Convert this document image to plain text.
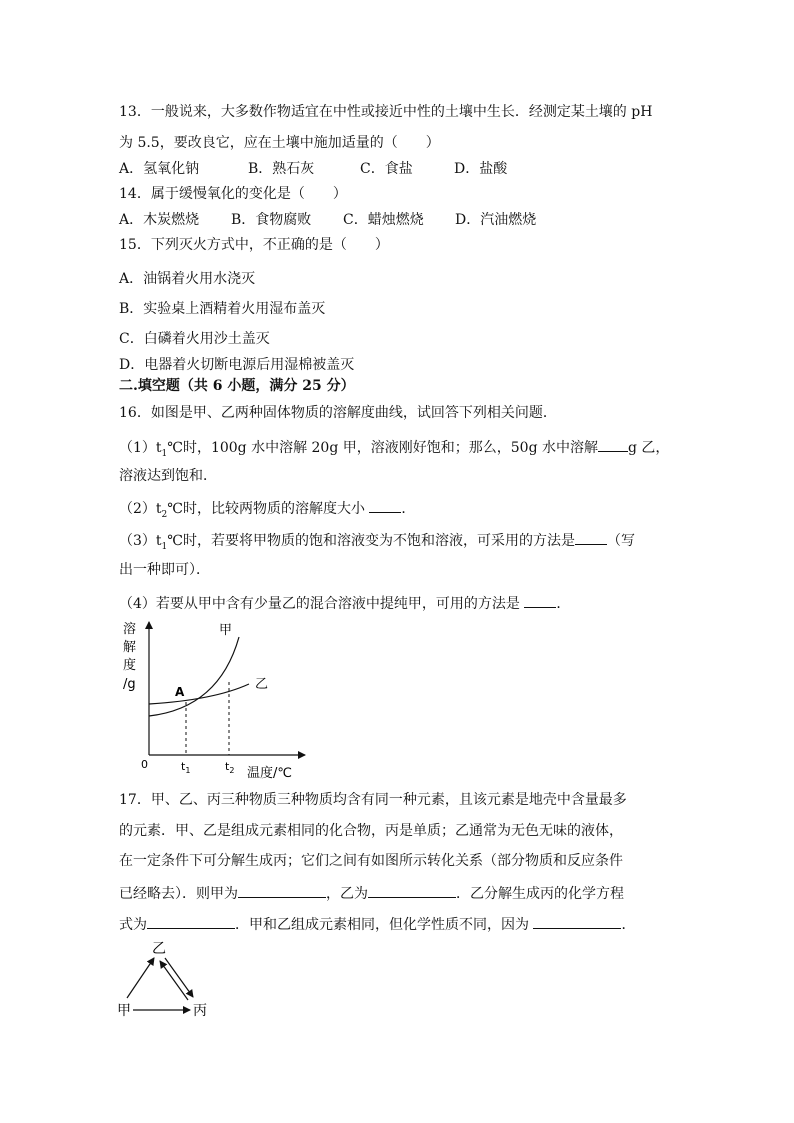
13．一般说来，大多数作物适宜在中性或接近中性的土壤中生长．经测定某土壤的 pH
为 5.5，要改良它，应在土壤中施加适量的（　　）
A．氢氧化钠	B．熟石灰	C．食盐	D．盐酸
14．属于缓慢氧化的变化是（　　）
A．木炭燃烧 B．食物腐败 C．蜡烛燃烧 D．汽油燃烧
15．下列灭火方式中，不正确的是（　　）
A．油锅着火用水浇灭
B．实验桌上酒精着火用湿布盖灭
C．白磷着火用沙土盖灭
D．电器着火切断电源后用湿棉被盖灭
二.填空题（共 6 小题，满分 25 分）
16．如图是甲、乙两种固体物质的溶解度曲线，试回答下列相关问题．
$(1)t_1℃$时，100g 水中溶解 20g 甲，溶液刚好饱和；那么，50g 水中溶解 g 乙，
溶液达到饱和．
$(2)t_2℃$时，比较两物质的溶解度大小	．
$(3)t_1℃$时，若要将甲物质的饱和溶液变为不饱和溶液，可采用的方法是 （写
出一种即可）．
（4）若要从甲中含有少量乙的混合溶液中提纯甲，可用的方法是	．
溶
解
度
/g
甲
乙
A
0	$t_1$	$t_2$ 温度/℃
17．甲、乙、丙三种物质三种物质均含有同一种元素，且该元素是地壳中含量最多
的元素．甲、乙是组成元素相同的化合物，丙是单质；乙通常为无色无味的液体，
在一定条件下可分解生成丙；它们之间有如图所示转化关系（部分物质和反应条件
已经略去）．则甲为	，乙为	．乙分解生成丙的化学方程
式为	．甲和乙组成元素相同，但化学性质不同，因为	．
乙
甲	丙
